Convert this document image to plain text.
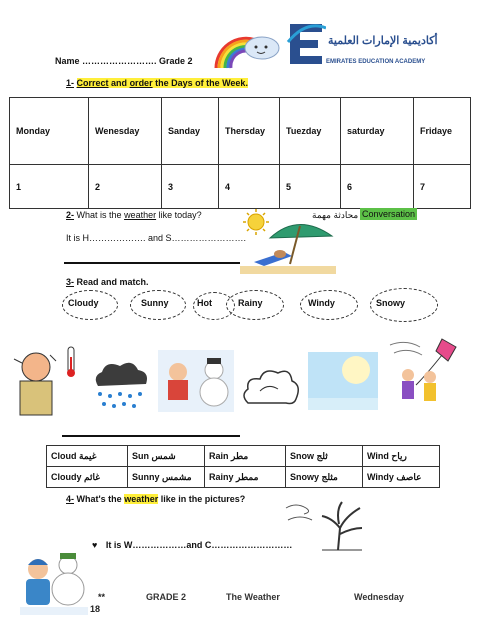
Name ……………………. Grade 2
أكاديمية الإمارات العلمية
EMIRATES EDUCATION ACADEMY
1- Correct and order the Days of the Week.
Monday	Wenesday	Sanday	Thersday	Tuezday	saturday	Fridaye
1	2	3	4	5	6	7
2- What is the weather like today?	محادثة مهمة Conversation
It is H………………. and S…………………….
3- Read and match.
Cloudy	Sunny	Hot	Rainy	Windy	Snowy
Cloud غيمة	Sun شمس	Rain مطر	Snow ثلج	Wind رياح
Cloudy غائم	Sunny مشمس	Rainy ممطر	Snowy مثلج	Windy عاصف
4- What's the weather like in the pictures?
♥ It is W………………and C………………………
**	GRADE 2	The Weather	Wednesday
18
